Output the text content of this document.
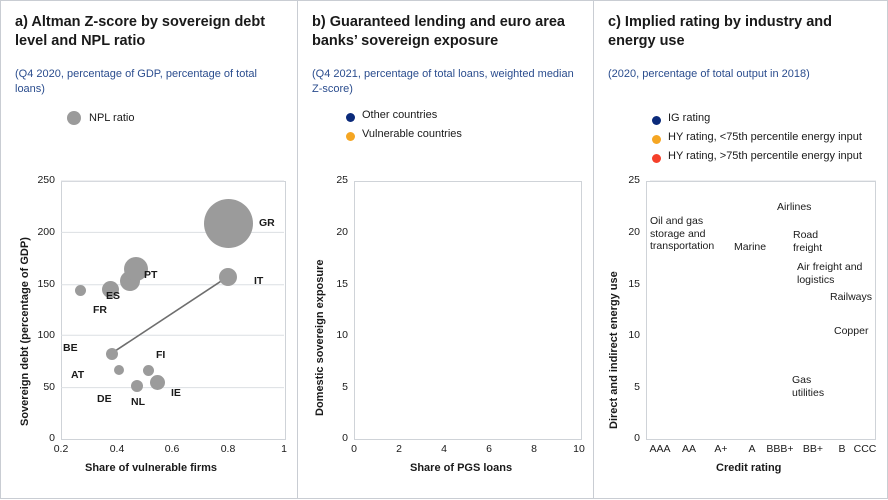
a) Altman Z-score by sovereign debt level and NPL ratio
(Q4 2020, percentage of GDP, percentage of total loans)
NPL ratio
BE
FR
ES
PT
AT
DE NL
FI
IE
IT
GR
250
200
150
100
50
0
0.2	0.4	0.6	0.8	1
Share of vulnerable firms
Sovereign debt (percentage of GDP)
b) Guaranteed lending and euro area banks’ sovereign exposure
(Q4 2021, percentage of total loans, weighted median Z-score)
Other countries
Vulnerable countries
25
20
15
10
5
0
0	2	4	6	8	10
Share of PGS loans
Domestic sovereign exposure
c) Implied rating by industry and energy use
(2020, percentage of total output in 2018)
IG rating
HY rating, <75th percentile energy input
HY rating, >75th percentile energy input
Oil and gas storage and transportation	Marine
Airlines
Road freight
Air freight and logistics
Railways
Copper
Gas utilities
25
20
15
10
5
0
AAA	AA	A+	A	BBB+ BB+	B CCC
Credit rating
Direct and indirect energy use
